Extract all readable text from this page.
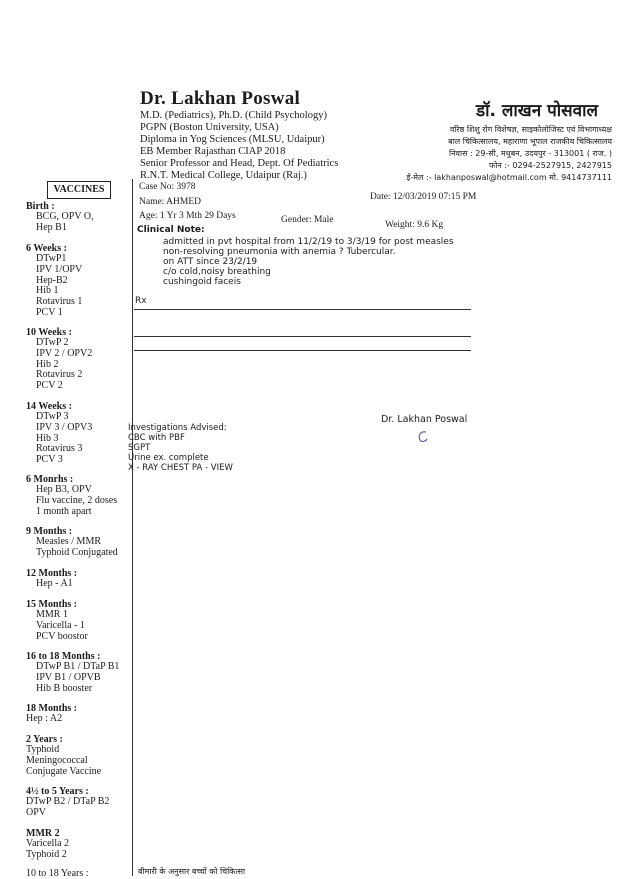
Dr. Lakhan Poswal
M.D. (Pediatrics), Ph.D. (Child Psychology)
PGPN (Boston University, USA)
Diploma in Yog Sciences (MLSU, Udaipur)
EB Member Rajasthan CIAP 2018
Senior Professor and Head, Dept. Of Pediatrics
R.N.T. Medical College, Udaipur (Raj.)
डॉ. लाखन पोसवाल
वरिष्ठ शिशु रोग विशेषज्ञ, साइकोलोजिस्ट एवं विभागाध्यक्ष
बाल चिकित्सालय, महाराणा भूपाल राजकीय चिकित्सालय
निवास : 29-सी, मधुबन, उदयपुर - 313001 ( राज. )
फोन :- 0294-2527915, 2427915
ई-मेल :- lakhanposwal@hotmail.com मो. 9414737111
VACCINES	Case No: 3978
Date: 12/03/2019 07:15 PM
Name: AHMED
Age: 1 Yr 3 Mth 29 Days	Gender: Male	Weight: 9.6 Kg
Clinical Note:
admitted in pvt hospital from 11/2/19 to 3/3/19 for post measles
non-resolving pneumonia with anemia ? Tubercular.
on ATT since 23/2/19
c/o cold,noisy breathing
cushingoid faceis
Rx
Dr. Lakhan Poswal
Investigations Advised:
CBC with PBF
SGPT
Urine ex. complete
X - RAY CHEST PA - VIEW
Birth :
BCG, OPV O,
Hep B1
6 Weeks :
DTwP1
IPV 1/OPV
Hep-B2
Hib 1
Rotavirus 1
PCV 1
10 Weeks :
DTwP 2
IPV 2 / OPV2
Hib 2
Rotavirus 2
PCV 2
14 Weeks :
DTwP 3
IPV 3 / OPV3
Hib 3
Rotavirus 3
PCV 3
6 Monrhs :
Hep B3, OPV
Flu vaccine, 2 doses
1 month apart
9 Months :
Measles / MMR
Typhoid Conjugated
12 Months :
Hep - A1
15 Months :
MMR 1
Varicella - 1
PCV boostor
16 to 18 Months :
DTwP B1 / DTaP B1
IPV B1 / OPVB
Hib B booster
18 Months :
Hep : A2
2 Years :
Typhoid
Meningococcal
Conjugate Vaccine
4½ to 5 Years :
DTwP B2 / DTaP B2
OPV
MMR 2
Varicella 2
Typhoid 2
10 to 18 Years :	बीमारी के अनुसार बच्चों को चिकित्सा
